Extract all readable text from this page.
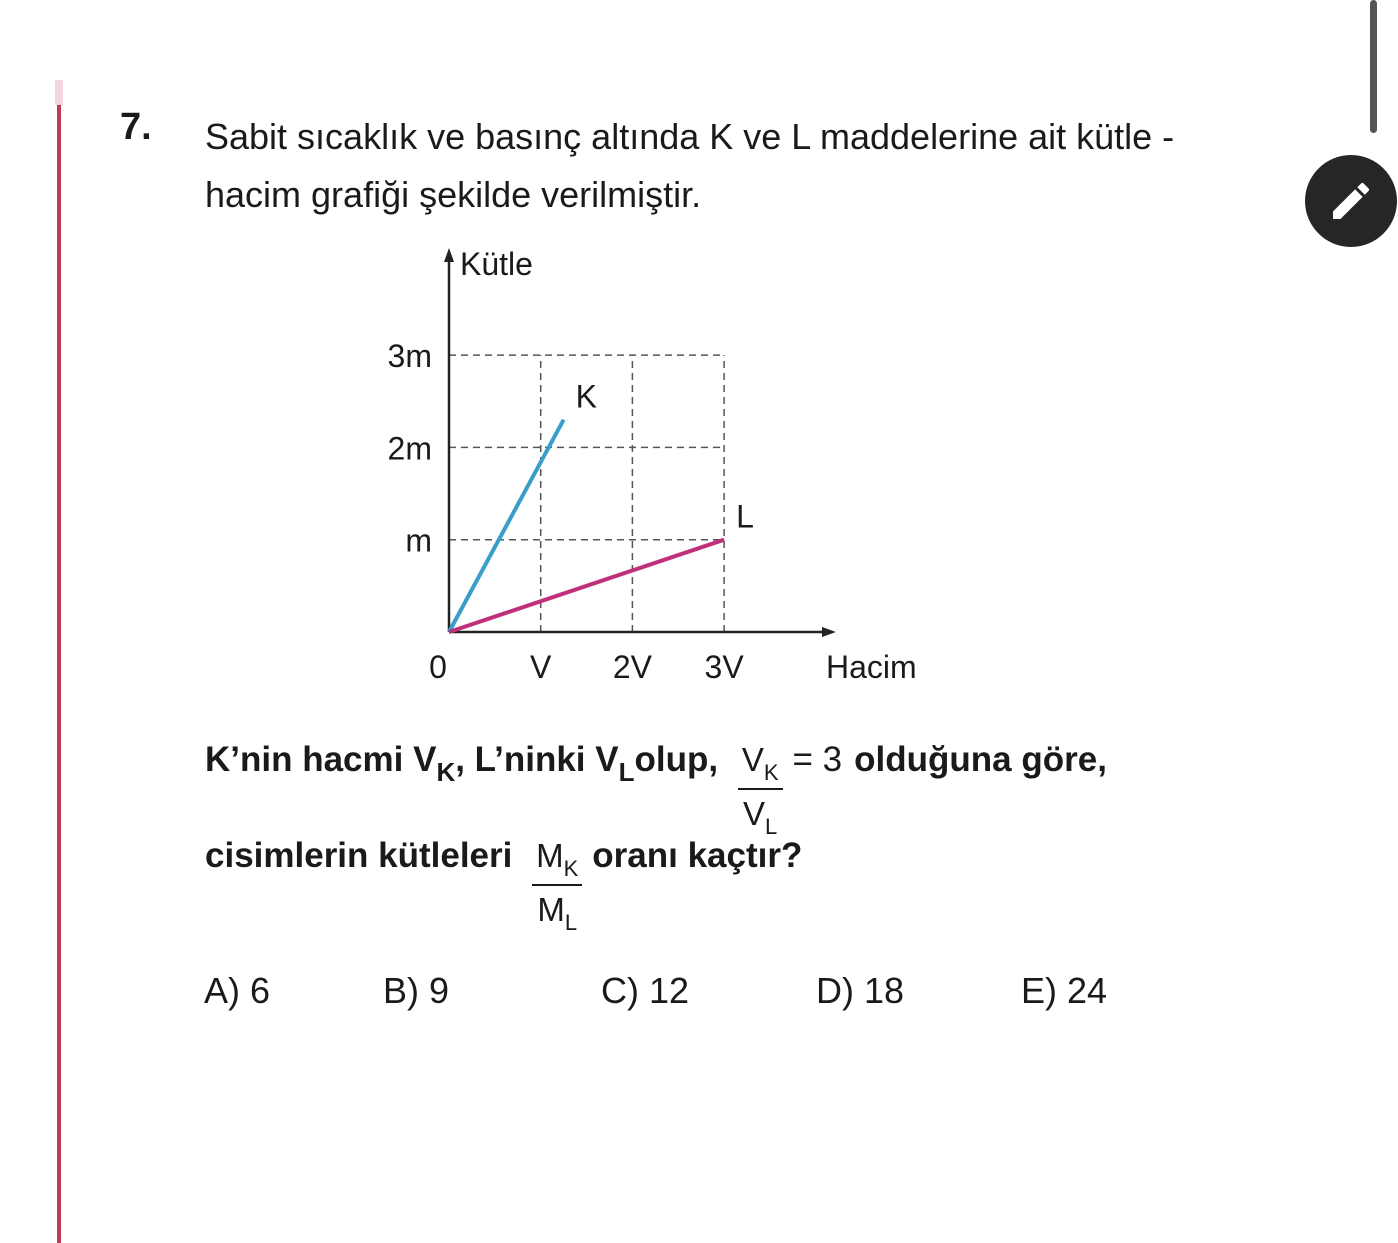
7. Sabit sıcaklık ve basınç altında K ve L maddelerine ait kütle - hacim grafiği şekilde verilmiştir.
Kütle
Hacim
0	V 2V 3V
m
2m
3m
K
L
K’nin hacmi $V_K$, L’ninki $V_Lolup$, $\frac{V_K}{V_L} = 3$ olduğuna göre,
cisimlerin kütleleri $\frac{M_K}{M_L}$ oranı kaçtır?
A) 6	B) 9	C) 12	D) 18	E) 24
